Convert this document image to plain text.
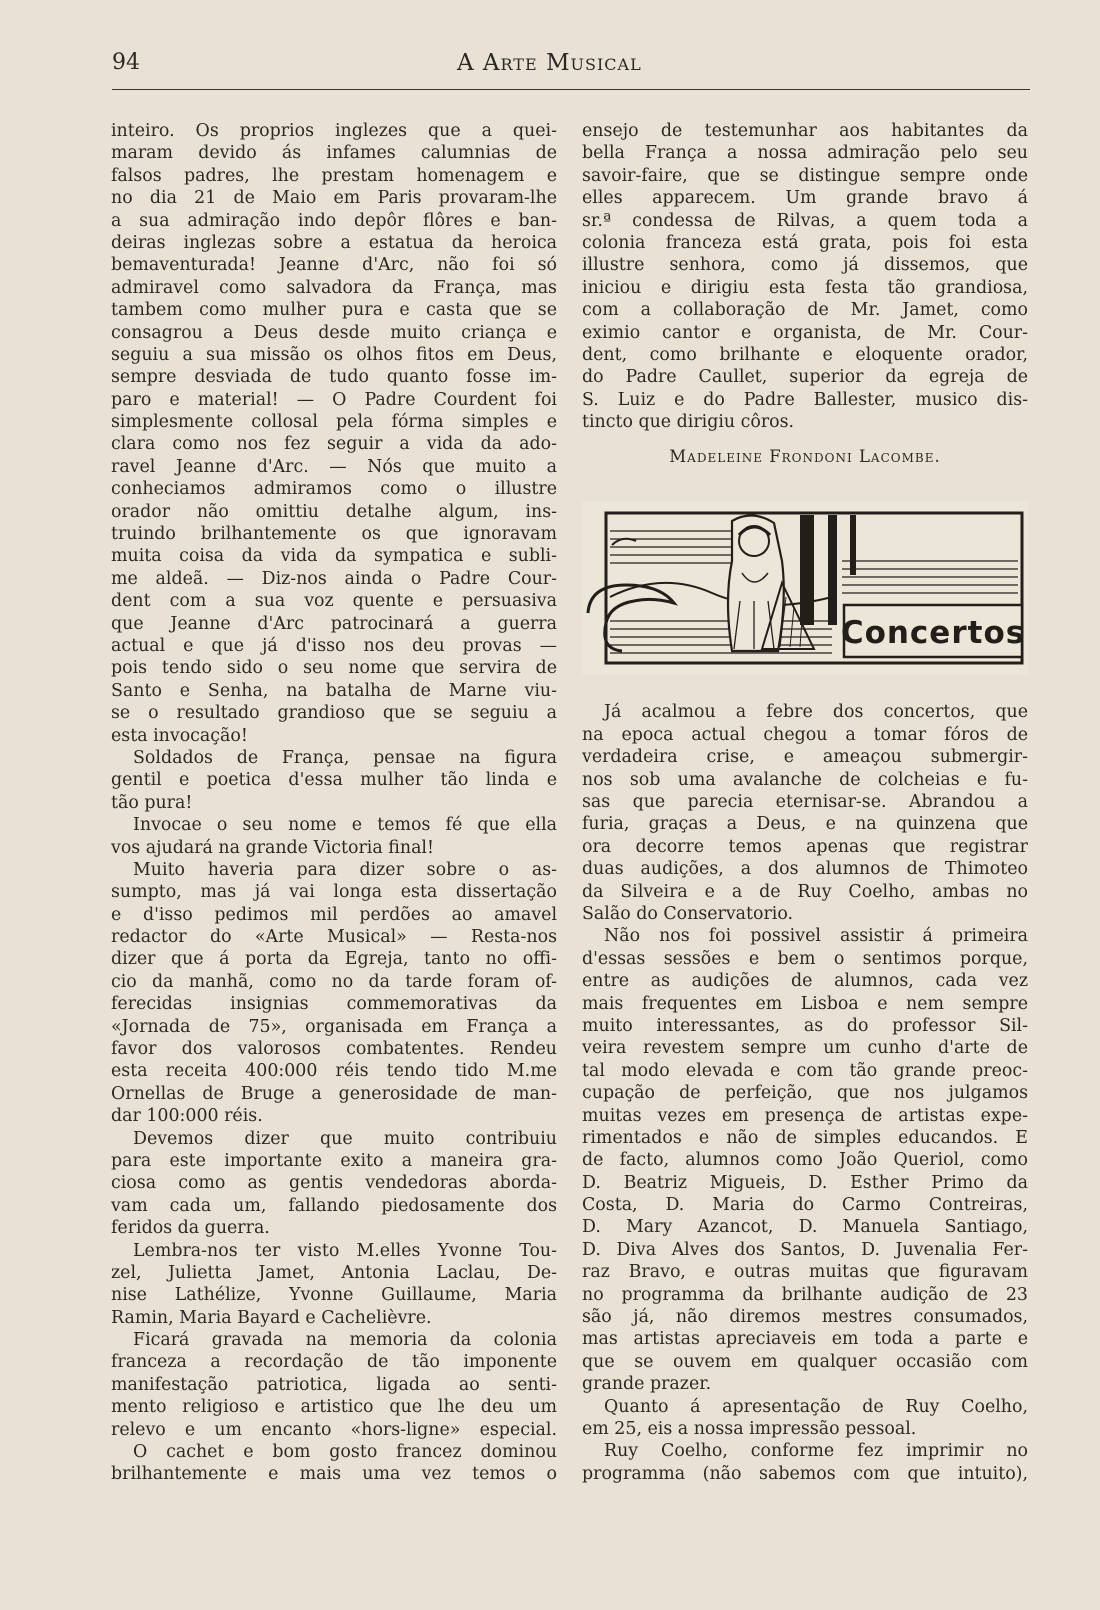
94	A Arte Musical
inteiro. Os proprios inglezes que a quei-
maram devido ás infames calumnias de
falsos padres, lhe prestam homenagem e
no dia 21 de Maio em Paris provaram-lhe
a sua admiração indo depôr flôres e ban-
deiras inglezas sobre a estatua da heroica
bemaventurada! Jeanne d'Arc, não foi só
admiravel como salvadora da França, mas
tambem como mulher pura e casta que se
consagrou a Deus desde muito criança e
seguiu a sua missão os olhos fitos em Deus,
sempre desviada de tudo quanto fosse im-
paro e material! — O Padre Courdent foi
simplesmente collosal pela fórma simples e
clara como nos fez seguir a vida da ado-
ravel Jeanne d'Arc. — Nós que muito a
conheciamos admiramos como o illustre
orador não omittiu detalhe algum, ins-
truindo brilhantemente os que ignoravam
muita coisa da vida da sympatica e subli-
me aldeã. — Diz-nos ainda o Padre Cour-
dent com a sua voz quente e persuasiva
que Jeanne d'Arc patrocinará a guerra
actual e que já d'isso nos deu provas —
pois tendo sido o seu nome que servira de
Santo e Senha, na batalha de Marne viu-
se o resultado grandioso que se seguiu a
esta invocação!
Soldados de França, pensae na figura
gentil e poetica d'essa mulher tão linda e
tão pura!
Invocae o seu nome e temos fé que ella
vos ajudará na grande Victoria final!
Muito haveria para dizer sobre o as-
sumpto, mas já vai longa esta dissertação
e d'isso pedimos mil perdões ao amavel
redactor do «Arte Musical» — Resta-nos
dizer que á porta da Egreja, tanto no offi-
cio da manhã, como no da tarde foram of-
ferecidas insignias commemorativas da
«Jornada de 75», organisada em França a
favor dos valorosos combatentes. Rendeu
esta receita 400:000 réis tendo tido M.me
Ornellas de Bruge a generosidade de man-
dar 100:000 réis.
Devemos dizer que muito contribuiu
para este importante exito a maneira gra-
ciosa como as gentis vendedoras aborda-
vam cada um, fallando piedosamente dos
feridos da guerra.
Lembra-nos ter visto M.elles Yvonne Tou-
zel, Julietta Jamet, Antonia Laclau, De-
nise Lathélize, Yvonne Guillaume, Maria
Ramin, Maria Bayard e Cachelièvre.
Ficará gravada na memoria da colonia
franceza a recordação de tão imponente
manifestação patriotica, ligada ao senti-
mento religioso e artistico que lhe deu um
relevo e um encanto «hors-ligne» especial.
O cachet e bom gosto francez dominou
brilhantemente e mais uma vez temos o
ensejo de testemunhar aos habitantes da
bella França a nossa admiração pelo seu
savoir-faire, que se distingue sempre onde
elles apparecem. Um grande bravo á
sr.ª condessa de Rilvas, a quem toda a
colonia franceza está grata, pois foi esta
illustre senhora, como já dissemos, que
iniciou e dirigiu esta festa tão grandiosa,
com a collaboração de Mr. Jamet, como
eximio cantor e organista, de Mr. Cour-
dent, como brilhante e eloquente orador,
do Padre Caullet, superior da egreja de
S. Luiz e do Padre Ballester, musico dis-
tincto que dirigiu côros.
Madeleine Frondoni Lacombe.
Concertos
Já acalmou a febre dos concertos, que
na epoca actual chegou a tomar fóros de
verdadeira crise, e ameaçou submergir-
nos sob uma avalanche de colcheias e fu-
sas que parecia eternisar-se. Abrandou a
furia, graças a Deus, e na quinzena que
ora decorre temos apenas que registrar
duas audições, a dos alumnos de Thimoteo
da Silveira e a de Ruy Coelho, ambas no
Salão do Conservatorio.
Não nos foi possivel assistir á primeira
d'essas sessões e bem o sentimos porque,
entre as audições de alumnos, cada vez
mais frequentes em Lisboa e nem sempre
muito interessantes, as do professor Sil-
veira revestem sempre um cunho d'arte de
tal modo elevada e com tão grande preoc-
cupação de perfeição, que nos julgamos
muitas vezes em presença de artistas expe-
rimentados e não de simples educandos. E
de facto, alumnos como João Queriol, como
D. Beatriz Migueis, D. Esther Primo da
Costa, D. Maria do Carmo Contreiras,
D. Mary Azancot, D. Manuela Santiago,
D. Diva Alves dos Santos, D. Juvenalia Fer-
raz Bravo, e outras muitas que figuravam
no programma da brilhante audição de 23
são já, não diremos mestres consumados,
mas artistas apreciaveis em toda a parte e
que se ouvem em qualquer occasião com
grande prazer.
Quanto á apresentação de Ruy Coelho,
em 25, eis a nossa impressão pessoal.
Ruy Coelho, conforme fez imprimir no
programma (não sabemos com que intuito),
